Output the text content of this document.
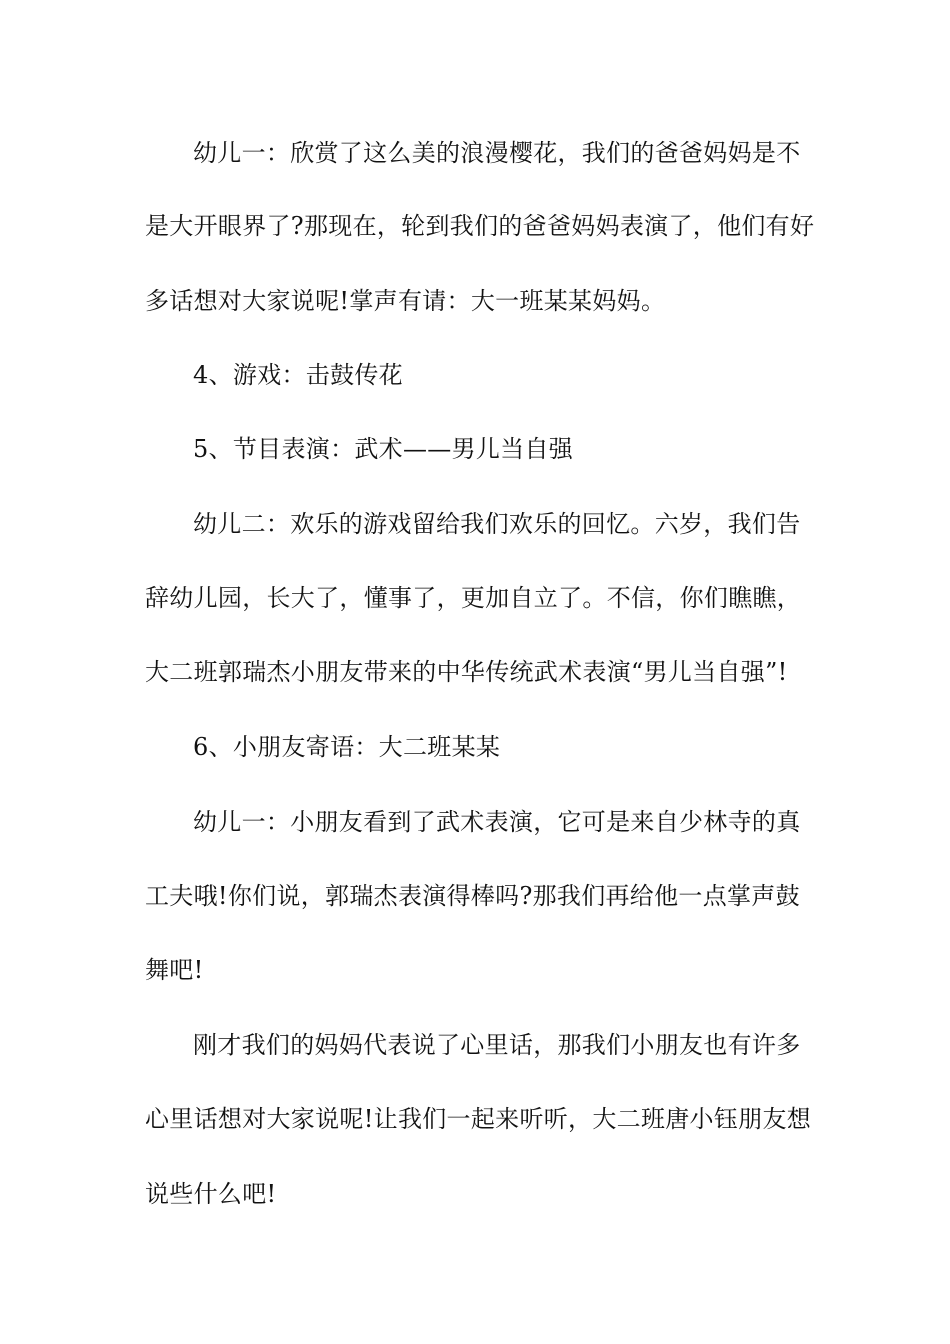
幼儿一：欣赏了这么美的浪漫樱花，我们的爸爸妈妈是不
是大开眼界了?那现在，轮到我们的爸爸妈妈表演了，他们有好
多话想对大家说呢!掌声有请：大一班某某妈妈。
4、游戏：击鼓传花
5、节目表演：武术——男儿当自强
幼儿二：欢乐的游戏留给我们欢乐的回忆。六岁，我们告
辞幼儿园，长大了，懂事了，更加自立了。不信，你们瞧瞧，
大二班郭瑞杰小朋友带来的中华传统武术表演“男儿当自强”!
6、小朋友寄语：大二班某某
幼儿一：小朋友看到了武术表演，它可是来自少林寺的真
工夫哦!你们说，郭瑞杰表演得棒吗?那我们再给他一点掌声鼓
舞吧!
刚才我们的妈妈代表说了心里话，那我们小朋友也有许多
心里话想对大家说呢!让我们一起来听听，大二班唐小钰朋友想
说些什么吧!
